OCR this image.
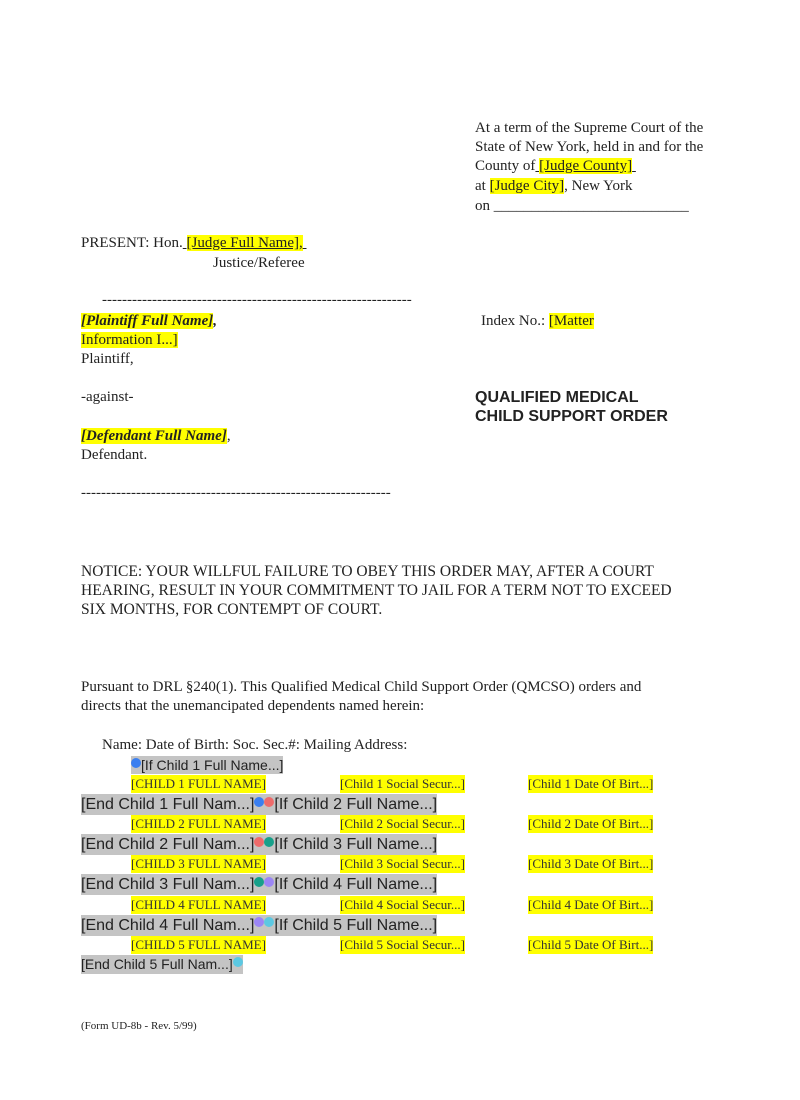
At a term of the Supreme Court of the
State of New York, held in and for the
County of [Judge County]
at [Judge City], New York
on __________________________
PRESENT: Hon. [Judge Full Name],
Justice/Referee
--------------------------------------------------------------
[Plaintiff Full Name],
Information I...]
Plaintiff,
-against-
[Defendant Full Name],
Defendant.
--------------------------------------------------------------
Index No.: [Matter
QUALIFIED MEDICAL
CHILD SUPPORT ORDER
NOTICE: YOUR WILLFUL FAILURE TO OBEY THIS ORDER MAY, AFTER A COURT
HEARING, RESULT IN YOUR COMMITMENT TO JAIL FOR A TERM NOT TO EXCEED
SIX MONTHS, FOR CONTEMPT OF COURT.
Pursuant to DRL §240(1). This Qualified Medical Child Support Order (QMCSO) orders and
directs that the unemancipated dependents named herein:
Name: Date of Birth: Soc. Sec.#: Mailing Address:
[If Child 1 Full Name...]
[CHILD 1 FULL NAME]	[Child 1 Social Secur...]	[Child 1 Date Of Birt...]
[End Child 1 Full Nam...] [If Child 2 Full Name...]
[CHILD 2 FULL NAME]	[Child 2 Social Secur...]	[Child 2 Date Of Birt...]
[End Child 2 Full Nam...] [If Child 3 Full Name...]
[CHILD 3 FULL NAME]	[Child 3 Social Secur...]	[Child 3 Date Of Birt...]
[End Child 3 Full Nam...] [If Child 4 Full Name...]
[CHILD 4 FULL NAME]	[Child 4 Social Secur...]	[Child 4 Date Of Birt...]
[End Child 4 Full Nam...] [If Child 5 Full Name...]
[CHILD 5 FULL NAME]	[Child 5 Social Secur...]	[Child 5 Date Of Birt...]
[End Child 5 Full Nam...]
(Form UD-8b - Rev. 5/99)
